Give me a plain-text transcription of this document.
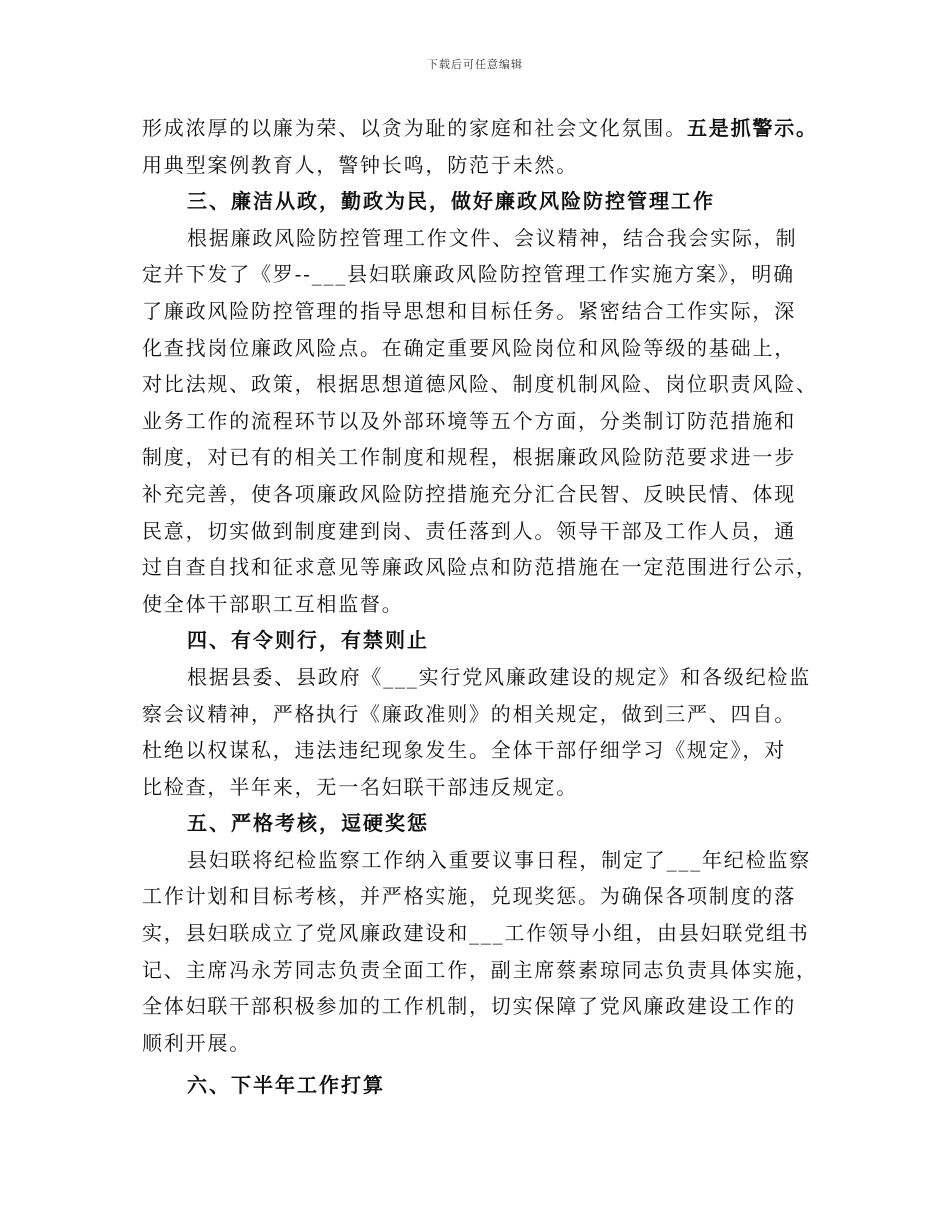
下载后可任意编辑
形成浓厚的以廉为荣、以贪为耻的家庭和社会文化氛围。五是抓警示。
用典型案例教育人，警钟长鸣，防范于未然。
三、廉洁从政，勤政为民，做好廉政风险防控管理工作
根据廉政风险防控管理工作文件、会议精神，结合我会实际，制
定并下发了《罗--___县妇联廉政风险防控管理工作实施方案》，明确
了廉政风险防控管理的指导思想和目标任务。紧密结合工作实际，深
化查找岗位廉政风险点。在确定重要风险岗位和风险等级的基础上，
对比法规、政策，根据思想道德风险、制度机制风险、岗位职责风险、
业务工作的流程环节以及外部环境等五个方面，分类制订防范措施和
制度，对已有的相关工作制度和规程，根据廉政风险防范要求进一步
补充完善，使各项廉政风险防控措施充分汇合民智、反映民情、体现
民意，切实做到制度建到岗、责任落到人。领导干部及工作人员，通
过自查自找和征求意见等廉政风险点和防范措施在一定范围进行公示，
使全体干部职工互相监督。
四、有令则行，有禁则止
根据县委、县政府《___实行党风廉政建设的规定》和各级纪检监
察会议精神，严格执行《廉政准则》的相关规定，做到三严、四自。
杜绝以权谋私，违法违纪现象发生。全体干部仔细学习《规定》，对
比检查，半年来，无一名妇联干部违反规定。
五、严格考核，逗硬奖惩
县妇联将纪检监察工作纳入重要议事日程，制定了___年纪检监察
工作计划和目标考核，并严格实施，兑现奖惩。为确保各项制度的落
实，县妇联成立了党风廉政建设和___工作领导小组，由县妇联党组书
记、主席冯永芳同志负责全面工作，副主席蔡素琼同志负责具体实施，
全体妇联干部积极参加的工作机制，切实保障了党风廉政建设工作的
顺利开展。
六、下半年工作打算
